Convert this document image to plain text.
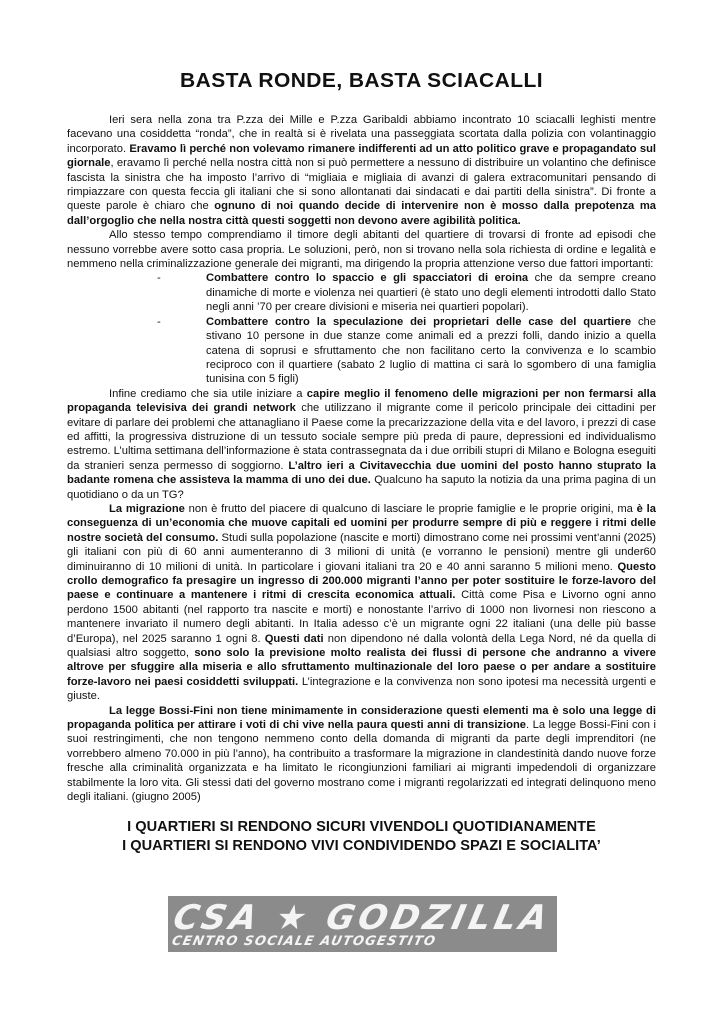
BASTA RONDE, BASTA SCIACALLI

Ieri sera nella zona tra P.zza dei Mille e P.zza Garibaldi abbiamo incontrato 10 sciacalli leghisti mentre facevano una cosiddetta “ronda”, che in realtà si è rivelata una passeggiata scortata dalla polizia con volantinaggio incorporato. Eravamo lì perché non volevamo rimanere indifferenti ad un atto politico grave e propagandato sul giornale, eravamo lì perché nella nostra città non si può permettere a nessuno di distribuire un volantino che definisce fascista la sinistra che ha imposto l’arrivo di “migliaia e migliaia di avanzi di galera extracomunitari pensando di rimpiazzare con questa feccia gli italiani che si sono allontanati dai sindacati e dai partiti della sinistra”. Di fronte a queste parole è chiaro che ognuno di noi quando decide di intervenire non è mosso dalla prepotenza ma dall’orgoglio che nella nostra città questi soggetti non devono avere agibilità politica.

Allo stesso tempo comprendiamo il timore degli abitanti del quartiere di trovarsi di fronte ad episodi che nessuno vorrebbe avere sotto casa propria. Le soluzioni, però, non si trovano nella sola richiesta di ordine e legalità e nemmeno nella criminalizzazione generale dei migranti, ma dirigendo la propria attenzione verso due fattori importanti:

-	Combattere contro lo spaccio e gli spacciatori di eroina che da sempre creano dinamiche di morte e violenza nei quartieri (è stato uno degli elementi introdotti dallo Stato negli anni ’70 per creare divisioni e miseria nei quartieri popolari).
-	Combattere contro la speculazione dei proprietari delle case del quartiere che stivano 10 persone in due stanze come animali ed a prezzi folli, dando inizio a quella catena di soprusi e sfruttamento che non facilitano certo la convivenza e lo scambio reciproco con il quartiere (sabato 2 luglio di mattina ci sarà lo sgombero di una famiglia tunisina con 5 figli)

Infine crediamo che sia utile iniziare a capire meglio il fenomeno delle migrazioni per non fermarsi alla propaganda televisiva dei grandi network che utilizzano il migrante come il pericolo principale dei cittadini per evitare di parlare dei problemi che attanagliano il Paese come la precarizzazione della vita e del lavoro, i prezzi di case ed affitti, la progressiva distruzione di un tessuto sociale sempre più preda di paure, depressioni ed individualismo estremo. L’ultima settimana dell’informazione è stata contrassegnata da i due orribili stupri di Milano e Bologna eseguiti da stranieri senza permesso di soggiorno. L’altro ieri a Civitavecchia due uomini del posto hanno stuprato la badante romena che assisteva la mamma di uno dei due. Qualcuno ha saputo la notizia da una prima pagina di un quotidiano o da un TG?

La migrazione non è frutto del piacere di qualcuno di lasciare le proprie famiglie e le proprie origini, ma è la conseguenza di un’economia che muove capitali ed uomini per produrre sempre di più e reggere i ritmi delle nostre società del consumo. Studi sulla popolazione (nascite e morti) dimostrano come nei prossimi vent’anni (2025) gli italiani con più di 60 anni aumenteranno di 3 milioni di unità (e vorranno le pensioni) mentre gli under60 diminuiranno di 10 milioni di unità. In particolare i giovani italiani tra 20 e 40 anni saranno 5 milioni meno. Questo crollo demografico fa presagire un ingresso di 200.000 migranti l’anno per poter sostituire le forze-lavoro del paese e continuare a mantenere i ritmi di crescita economica attuali. Città come Pisa e Livorno ogni anno perdono 1500 abitanti (nel rapporto tra nascite e morti) e nonostante l’arrivo di 1000 non livornesi non riescono a mantenere invariato il numero degli abitanti. In Italia adesso c’è un migrante ogni 22 italiani (una delle più basse d’Europa), nel 2025 saranno 1 ogni 8. Questi dati non dipendono né dalla volontà della Lega Nord, né da quella di qualsiasi altro soggetto, sono solo la previsione molto realista dei flussi di persone che andranno a vivere altrove per sfuggire alla miseria e allo sfruttamento multinazionale del loro paese o per andare a sostituire forze-lavoro nei paesi cosiddetti sviluppati. L’integrazione e la convivenza non sono ipotesi ma necessità urgenti e giuste.

La legge Bossi-Fini non tiene minimamente in considerazione questi elementi ma è solo una legge di propaganda politica per attirare i voti di chi vive nella paura questi anni di transizione. La legge Bossi-Fini con i suoi restringimenti, che non tengono nemmeno conto della domanda di migranti da parte degli imprenditori (ne vorrebbero almeno 70.000 in più l’anno), ha contribuito a trasformare la migrazione in clandestinità dando nuove forze fresche alla criminalità organizzata e ha limitato le ricongiunzioni familiari ai migranti impedendoli di organizzare stabilmente la loro vita. Gli stessi dati del governo mostrano come i migranti regolarizzati ed integrati delinquono meno degli italiani. (giugno 2005)

I QUARTIERI SI RENDONO SICURI VIVENDOLI QUOTIDIANAMENTE
I QUARTIERI SI RENDONO VIVI CONDIVIDENDO SPAZI E SOCIALITA’
CSA ★ GODZILLA
CENTRO SOCIALE AUTOGESTITO
